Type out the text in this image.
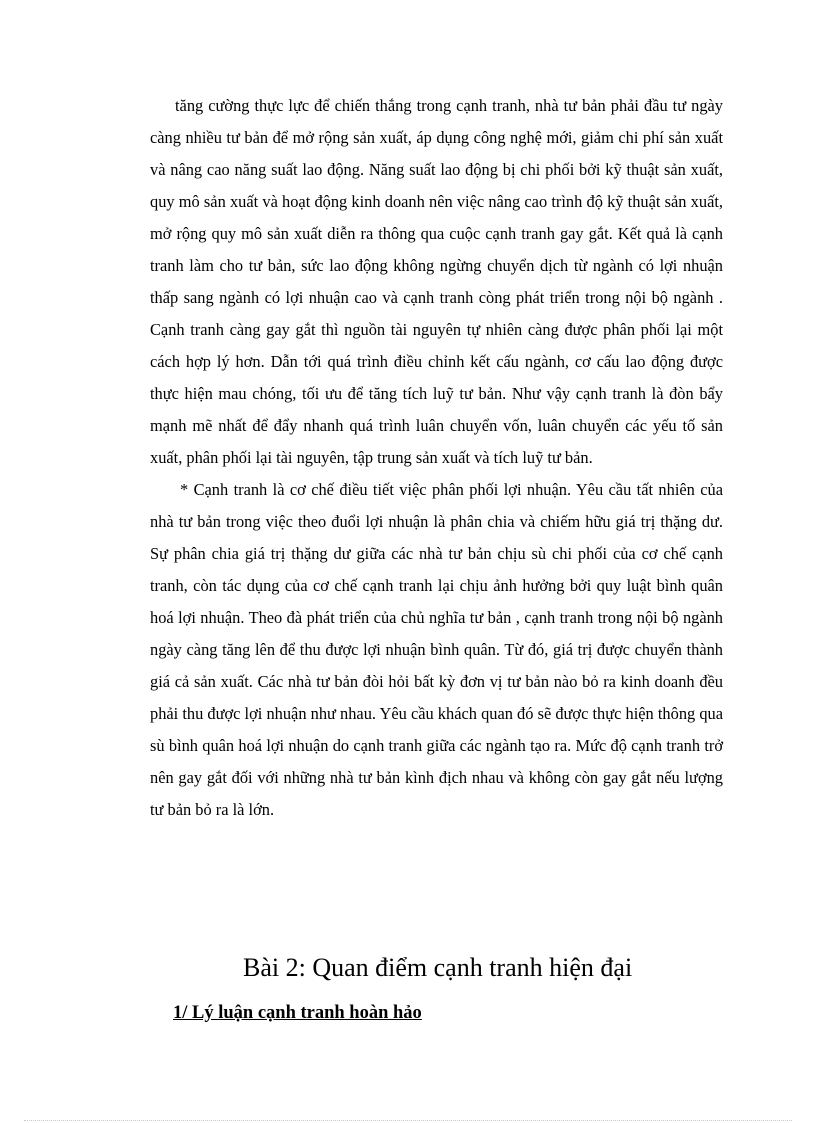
tăng cường thực lực để chiến thắng trong cạnh tranh, nhà tư bản phải đầu tư ngày càng nhiều tư bản để mở rộng sản xuất, áp dụng công nghệ mới, giảm chi phí sản xuất và nâng cao năng suất lao động. Năng suất lao động bị chi phối bởi kỹ thuật sản xuất, quy mô sản xuất và hoạt động kinh doanh nên việc nâng cao trình độ kỹ thuật sản xuất, mở rộng quy mô sản xuất diễn ra thông qua cuộc cạnh tranh gay gắt. Kết quả là cạnh tranh làm cho tư bản, sức lao động không ngừng chuyển dịch từ ngành có lợi nhuận thấp sang ngành có lợi nhuận cao và cạnh tranh còng phát triển trong nội bộ ngành . Cạnh tranh càng gay gắt thì nguồn tài nguyên tự nhiên càng được phân phối lại một cách hợp lý hơn. Dẫn tới quá trình điều chỉnh kết cấu ngành, cơ cấu lao động được thực hiện mau chóng, tối ưu để tăng tích luỹ tư bản. Như vậy cạnh tranh là đòn bẩy mạnh mẽ nhất để đẩy nhanh quá trình luân chuyển vốn, luân chuyển các yếu tố sản xuất, phân phối lại tài nguyên, tập trung sản xuất và tích luỹ tư bản.

* Cạnh tranh là cơ chế điều tiết việc phân phối lợi nhuận. Yêu cầu tất nhiên của nhà tư bản trong việc theo đuổi lợi nhuận là phân chia và chiếm hữu giá trị thặng dư. Sự phân chia giá trị thặng dư giữa các nhà tư bản chịu sù chi phối của cơ chế cạnh tranh, còn tác dụng của cơ chế cạnh tranh lại chịu ảnh hưởng bởi quy luật bình quân hoá lợi nhuận. Theo đà phát triển của chủ nghĩa tư bản , cạnh tranh trong nội bộ ngành ngày càng tăng lên để thu được lợi nhuận bình quân. Từ đó, giá trị được chuyển thành giá cả sản xuất. Các nhà tư bản đòi hỏi bất kỳ đơn vị tư bản nào bỏ ra kinh doanh đều phải thu được lợi nhuận như nhau. Yêu cầu khách quan đó sẽ được thực hiện thông qua sù bình quân hoá lợi nhuận do cạnh tranh giữa các ngành tạo ra. Mức độ cạnh tranh trở nên gay gắt đối với những nhà tư bản kình địch nhau và không còn gay gắt nếu lượng tư bản bỏ ra là lớn.

Bài 2: Quan điểm cạnh tranh hiện đại
1/ Lý luận cạnh tranh hoàn hảo
